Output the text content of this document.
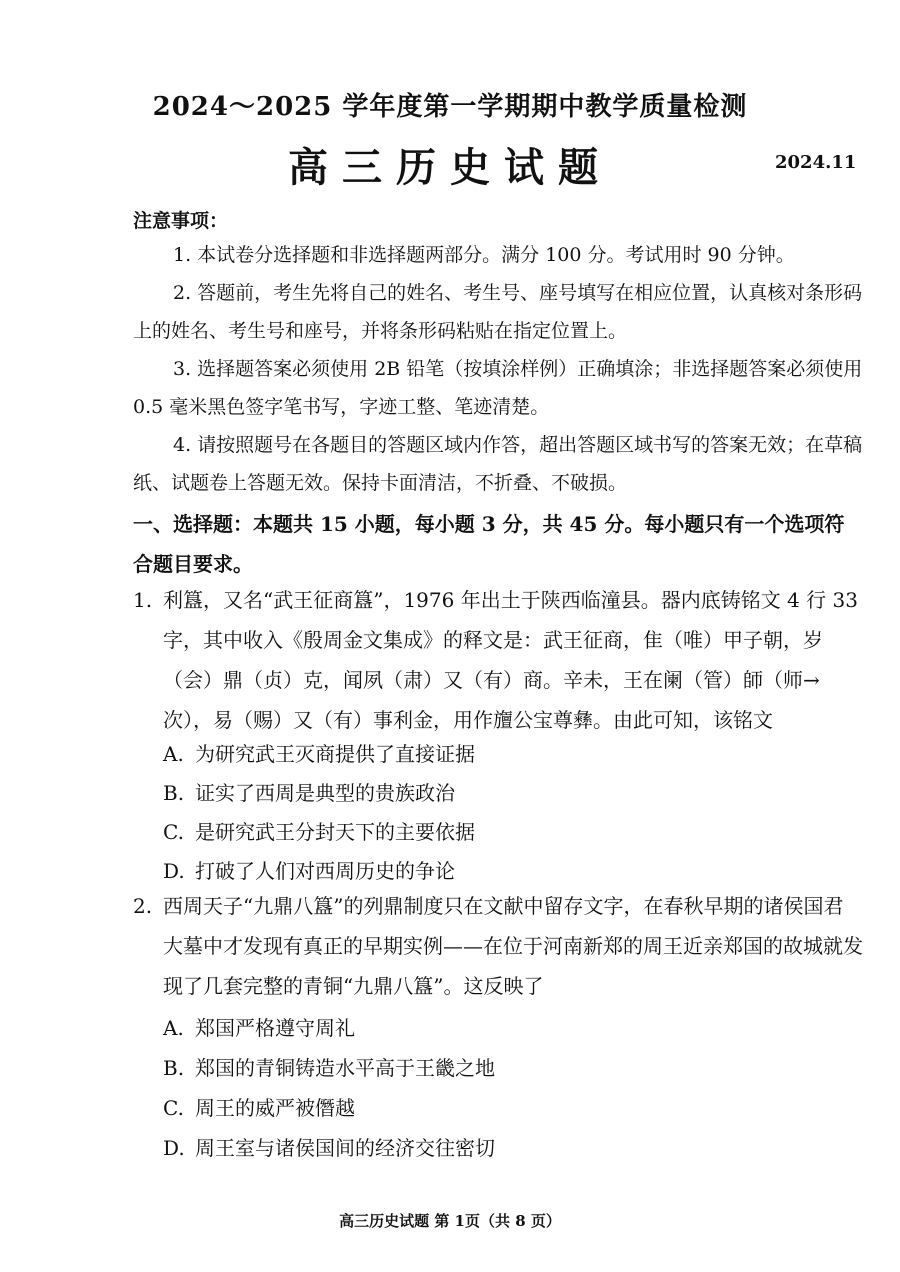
2024～2025 学年度第一学期期中教学质量检测
高三历史试题	2024.11
注意事项：
1. 本试卷分选择题和非选择题两部分。满分 100 分。考试用时 90 分钟。
2. 答题前，考生先将自己的姓名、考生号、座号填写在相应位置，认真核对条形码上的姓名、考生号和座号，并将条形码粘贴在指定位置上。
3. 选择题答案必须使用 2B 铅笔（按填涂样例）正确填涂；非选择题答案必须使用 0.5 毫米黑色签字笔书写，字迹工整、笔迹清楚。
4. 请按照题号在各题目的答题区域内作答，超出答题区域书写的答案无效；在草稿纸、试题卷上答题无效。保持卡面清洁，不折叠、不破损。
一、选择题：本题共 15 小题，每小题 3 分，共 45 分。每小题只有一个选项符合题目要求。
1. 利簋，又名“武王征商簋”，1976 年出土于陕西临潼县。器内底铸铭文 4 行 33 字，其中收入《殷周金文集成》的释文是：武王征商，隹（唯）甲子朝，岁（会）鼎（贞）克，闻夙（肃）又（有）商。辛未，王在阑（管）師（师→次），易（赐）又（有）事利金，用作旜公宝尊彝。由此可知，该铭文
A. 为研究武王灭商提供了直接证据
B. 证实了西周是典型的贵族政治
C. 是研究武王分封天下的主要依据
D. 打破了人们对西周历史的争论
2. 西周天子“九鼎八簋”的列鼎制度只在文献中留存文字，在春秋早期的诸侯国君大墓中才发现有真正的早期实例——在位于河南新郑的周王近亲郑国的故城就发现了几套完整的青铜“九鼎八簋”。这反映了
A. 郑国严格遵守周礼
B. 郑国的青铜铸造水平高于王畿之地
C. 周王的威严被僭越
D. 周王室与诸侯国间的经济交往密切
高三历史试题 第 1页（共 8 页）
